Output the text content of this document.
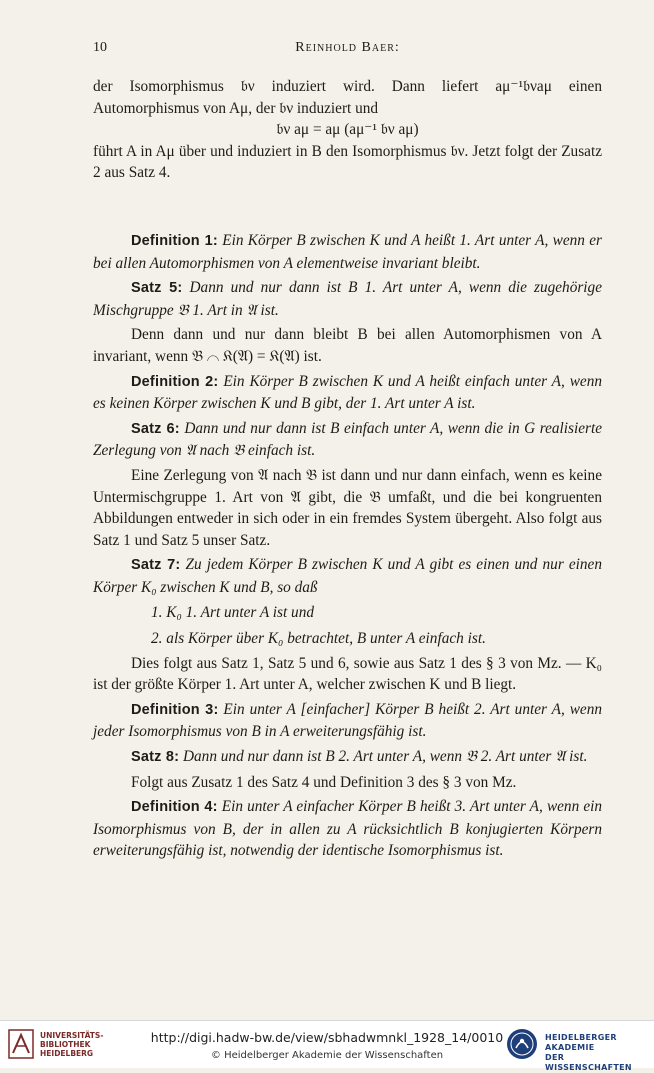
10	Reinhold Baer:

der Isomorphismus 𝔟ν induziert wird. Dann liefert aμ⁻¹𝔟νaμ einen Automorphismus von Aμ, der 𝔟ν induziert und

𝔟ν aμ = aμ (aμ⁻¹ 𝔟ν aμ)

führt A in Aμ über und induziert in B den Isomorphismus 𝔟ν. Jetzt folgt der Zusatz 2 aus Satz 4.

Definition 1: Ein Körper B zwischen K und A heißt 1. Art unter A, wenn er bei allen Automorphismen von A elementweise invariant bleibt.

Satz 5: Dann und nur dann ist B 1. Art unter A, wenn die zugehörige Mischgruppe 𝔅 1. Art in 𝔄 ist.

Denn dann und nur dann bleibt B bei allen Automorphismen von A invariant, wenn 𝔅 ⌒ 𝔎(𝔄) = 𝔎(𝔄) ist.

Definition 2: Ein Körper B zwischen K und A heißt einfach unter A, wenn es keinen Körper zwischen K und B gibt, der 1. Art unter A ist.

Satz 6: Dann und nur dann ist B einfach unter A, wenn die in G realisierte Zerlegung von 𝔄 nach 𝔅 einfach ist.

Eine Zerlegung von 𝔄 nach 𝔅 ist dann und nur dann einfach, wenn es keine Untermischgruppe 1. Art von 𝔄 gibt, die 𝔅 umfaßt, und die bei kongruenten Abbildungen entweder in sich oder in ein fremdes System übergeht. Also folgt aus Satz 1 und Satz 5 unser Satz.

Satz 7: Zu jedem Körper B zwischen K und A gibt es einen und nur einen Körper K₀ zwischen K und B, so daß

1. K₀ 1. Art unter A ist und

2. als Körper über K₀ betrachtet, B unter A einfach ist.

Dies folgt aus Satz 1, Satz 5 und 6, sowie aus Satz 1 des § 3 von Mz. — K₀ ist der größte Körper 1. Art unter A, welcher zwischen K und B liegt.

Definition 3: Ein unter A [einfacher] Körper B heißt 2. Art unter A, wenn jeder Isomorphismus von B in A erweiterungsfähig ist.

Satz 8: Dann und nur dann ist B 2. Art unter A, wenn 𝔅 2. Art unter 𝔄 ist.

Folgt aus Zusatz 1 des Satz 4 und Definition 3 des § 3 von Mz.

Definition 4: Ein unter A einfacher Körper B heißt 3. Art unter A, wenn ein Isomorphismus von B, der in allen zu A rücksichtlich B konjugierten Körpern erweiterungsfähig ist, notwendig der identische Isomorphismus ist.

UNIVERSITÄTS-
BIBLIOTHEK
HEIDELBERG
http://digi.hadw-bw.de/view/sbhadwmnkl_1928_14/0010
© Heidelberger Akademie der Wissenschaften
HEIDELBERGER AKADEMIE
DER WISSENSCHAFTEN
